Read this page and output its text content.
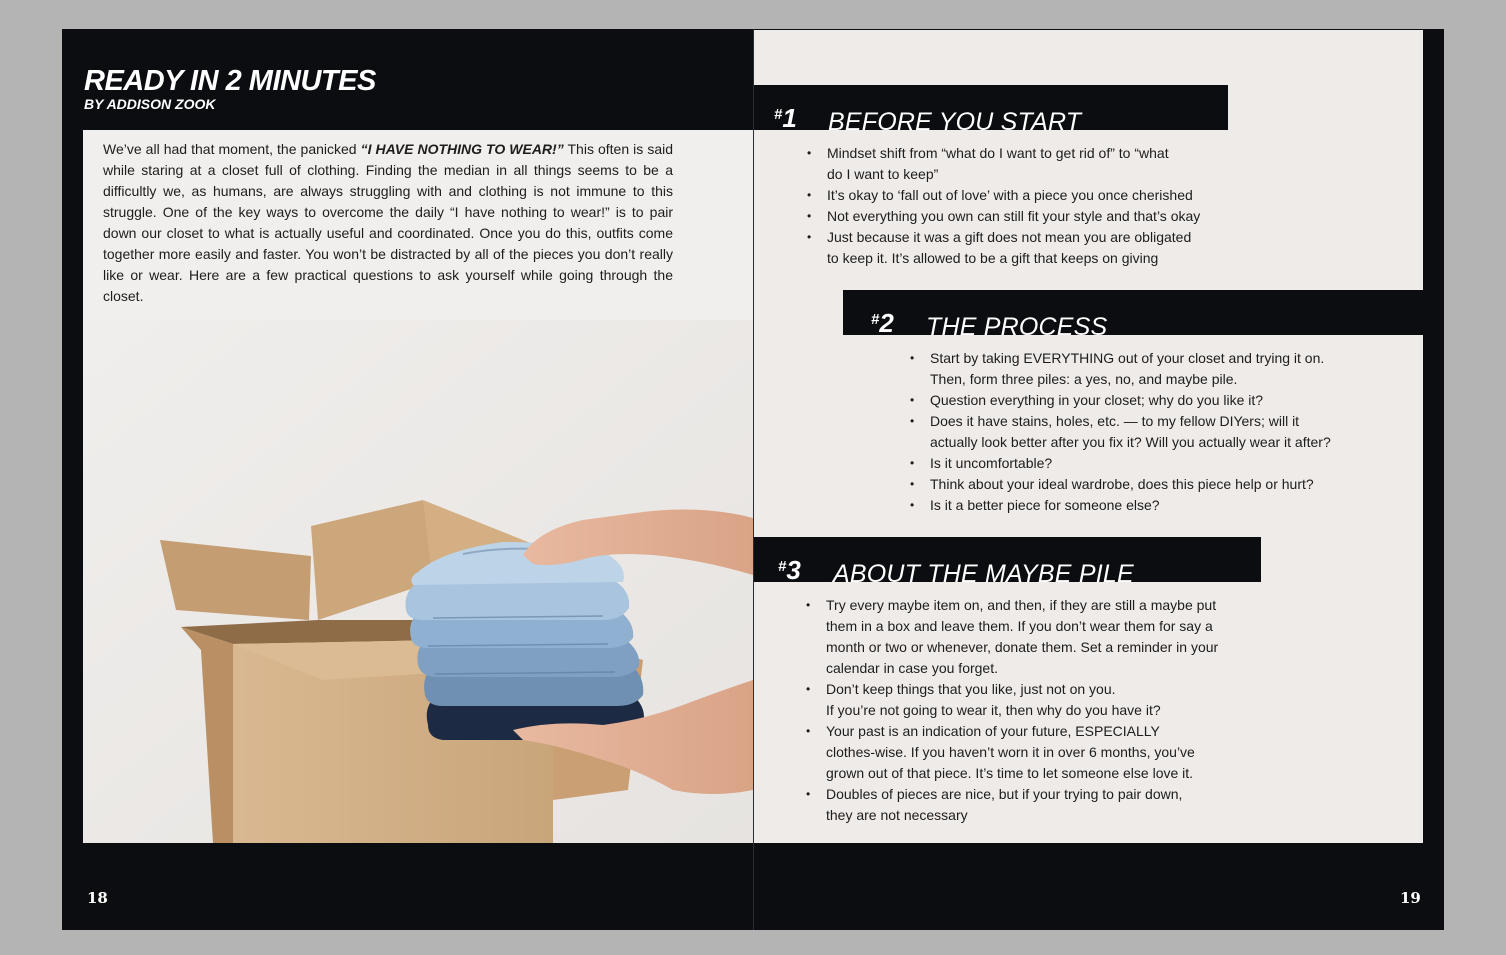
READY IN 2 MINUTES
BY ADDISON ZOOK

We’ve all had that moment, the panicked “I HAVE NOTHING TO WEAR!” This often is said while staring at a closet full of clothing. Finding the median in all things seems to be a difficultly we, as humans, are always struggling with and clothing is not immune to this struggle. One of the key ways to overcome the daily “I have nothing to wear!” is to pair down our closet to what is actually useful and coordinated. Once you do this, outfits come together more easily and faster. You won’t be distracted by all of the pieces you don’t really like or wear. Here are a few practical questions to ask yourself while going through the closet.

18
#1 BEFORE YOU START
• Mindset shift from “what do I want to get rid of” to “what
do I want to keep”
• It’s okay to ‘fall out of love’ with a piece you once cherished
• Not everything you own can still fit your style and that’s okay
• Just because it was a gift does not mean you are obligated
to keep it. It’s allowed to be a gift that keeps on giving
#2 THE PROCESS
• Start by taking EVERYTHING out of your closet and trying it on.
Then, form three piles: a yes, no, and maybe pile.
• Question everything in your closet; why do you like it?
• Does it have stains, holes, etc. — to my fellow DIYers; will it
actually look better after you fix it? Will you actually wear it after?
• Is it uncomfortable?
• Think about your ideal wardrobe, does this piece help or hurt?
• Is it a better piece for someone else?
#3 ABOUT THE MAYBE PILE
• Try every maybe item on, and then, if they are still a maybe put
them in a box and leave them. If you don’t wear them for say a
month or two or whenever, donate them. Set a reminder in your
calendar in case you forget.
• Don’t keep things that you like, just not on you.
If you’re not going to wear it, then why do you have it?
• Your past is an indication of your future, ESPECIALLY
clothes-wise. If you haven’t worn it in over 6 months, you’ve
grown out of that piece. It’s time to let someone else love it.
• Doubles of pieces are nice, but if your trying to pair down,
they are not necessary
19
